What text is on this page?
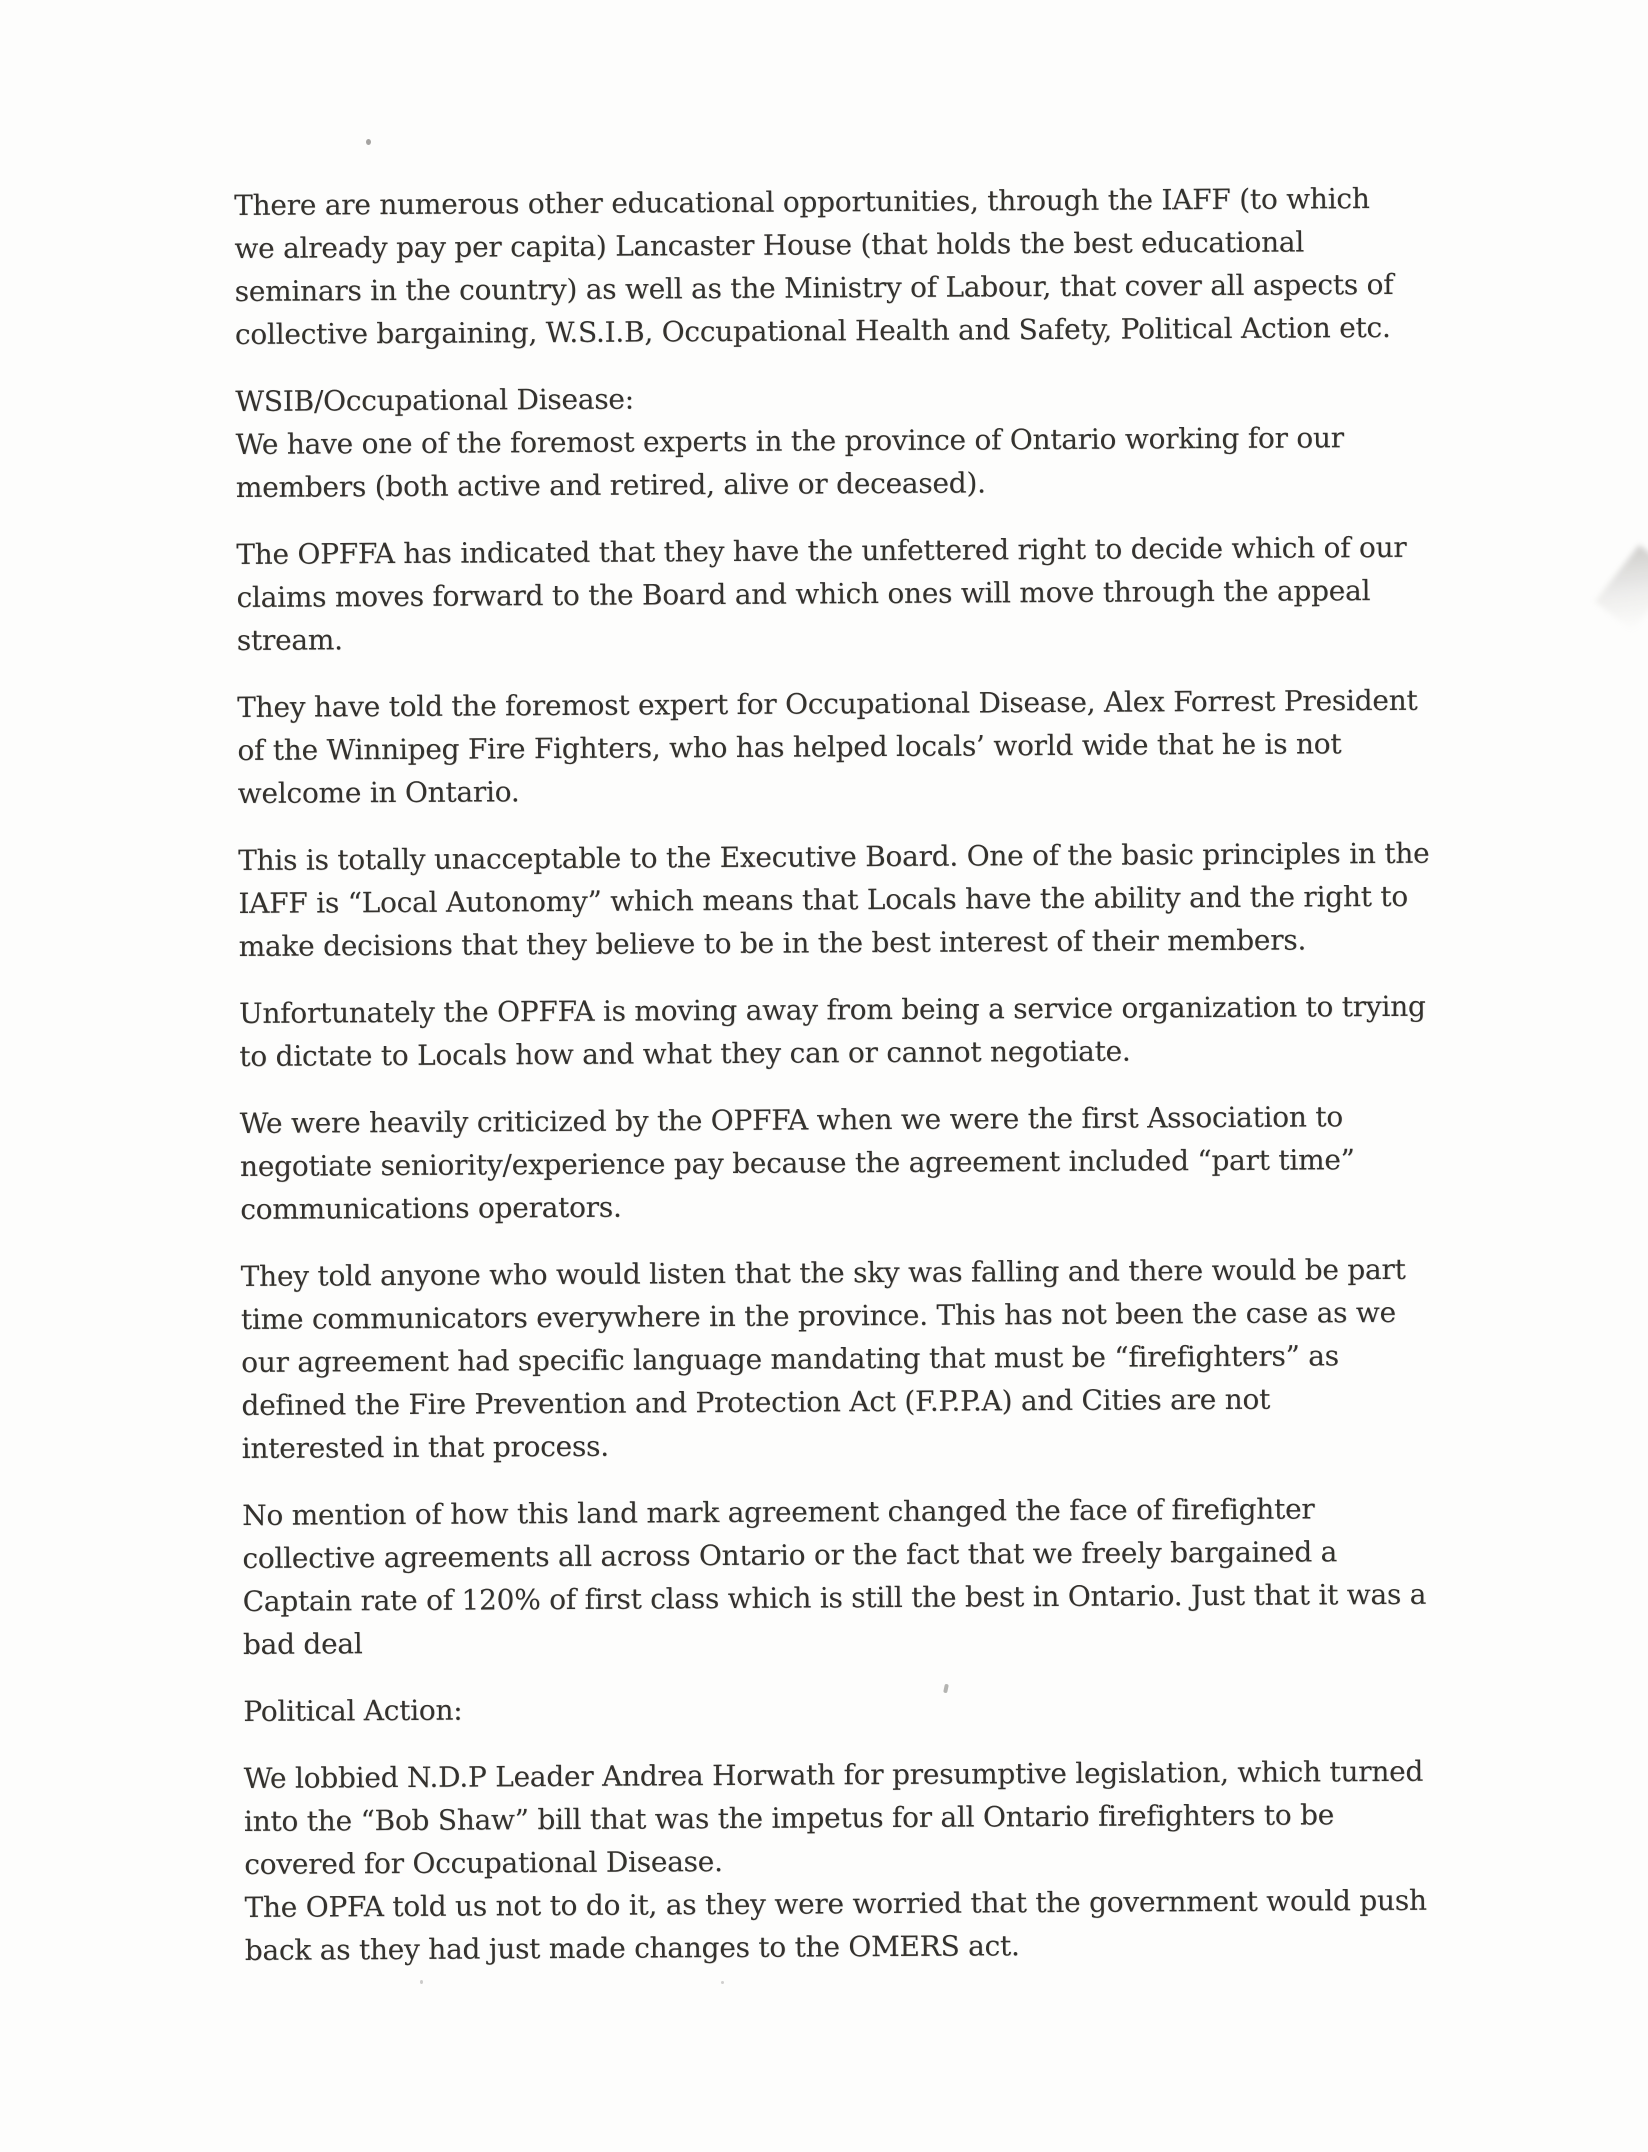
There are numerous other educational opportunities, through the IAFF (to which
we already pay per capita) Lancaster House (that holds the best educational
seminars in the country) as well as the Ministry of Labour, that cover all aspects of
collective bargaining, W.S.I.B, Occupational Health and Safety, Political Action etc.

WSIB/Occupational Disease:

We have one of the foremost experts in the province of Ontario working for our
members (both active and retired, alive or deceased).

The OPFFA has indicated that they have the unfettered right to decide which of our
claims moves forward to the Board and which ones will move through the appeal
stream.

They have told the foremost expert for Occupational Disease, Alex Forrest President
of the Winnipeg Fire Fighters, who has helped locals’ world wide that he is not
welcome in Ontario.

This is totally unacceptable to the Executive Board. One of the basic principles in the
IAFF is “Local Autonomy” which means that Locals have the ability and the right to
make decisions that they believe to be in the best interest of their members.

Unfortunately the OPFFA is moving away from being a service organization to trying
to dictate to Locals how and what they can or cannot negotiate.

We were heavily criticized by the OPFFA when we were the first Association to
negotiate seniority/experience pay because the agreement included “part time”
communications operators.

They told anyone who would listen that the sky was falling and there would be part
time communicators everywhere in the province. This has not been the case as we
our agreement had specific language mandating that must be “firefighters” as
defined the Fire Prevention and Protection Act (F.P.P.A) and Cities are not
interested in that process.

No mention of how this land mark agreement changed the face of firefighter
collective agreements all across Ontario or the fact that we freely bargained a
Captain rate of 120% of first class which is still the best in Ontario. Just that it was a
bad deal

Political Action:

We lobbied N.D.P Leader Andrea Horwath for presumptive legislation, which turned
into the “Bob Shaw” bill that was the impetus for all Ontario firefighters to be
covered for Occupational Disease.

The OPFA told us not to do it, as they were worried that the government would push
back as they had just made changes to the OMERS act.
